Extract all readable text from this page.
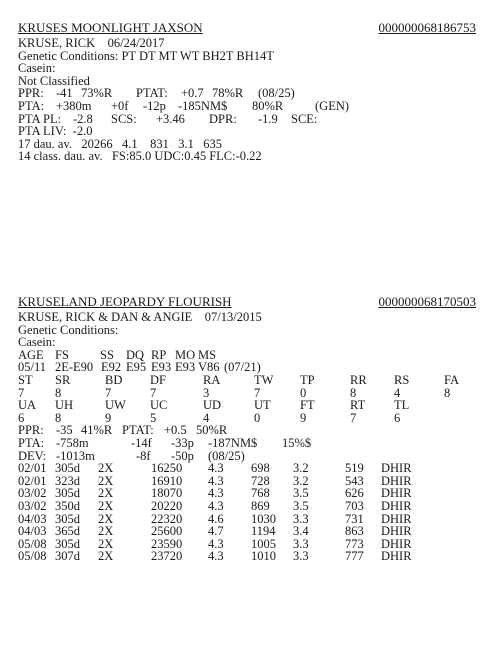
KRUSES MOONLIGHT JAXSON	000000068186753
KRUSE, RICK    06/24/2017
Genetic Conditions: PT DT MT WT BH2T BH14T
Casein:
Not Classified
PPR: -41 73%R PTAT: +0.7 78%R (08/25)
PTA: +380m +0f -12p -185NM$ 80%R	(GEN)
PTA PL: -2.8 SCS: +3.46 DPR: -1.9 SCE:
PTA LIV:  -2.0
17 dau. av.   20266   4.1    831   3.1   635
14 class. dau. av.   FS:85.0 UDC:0.45 FLC:-0.22
KRUSELAND JEOPARDY FLOURISH	000000068170503
KRUSE, RICK & DAN & ANGIE    07/13/2015
Genetic Conditions:
Casein:
AGE FS SS DQ RP MO MS
05/11 2E-E90 E92 E95 E93 E93 V86 (07/21)
ST SR	BD DF	RA	TW TP	RR RS	FA
7 8	7	7	3	7	0	8	4	8
UA UH	UW UC	UD	UT FT	RT TL
6 8	9	5	4	0	9	7	6
PPR: -35 41%R PTAT: +0.5 50%R
PTA: -758m	-14f -33p -187NM$ 15%$
DEV: -1013m	-8f -50p (08/25)
02/01 305d 2X	16250 4.3 698 3.2	519 DHIR
02/01 323d 2X	16910 4.3 728 3.2	543 DHIR
03/02 305d 2X	18070 4.3 768 3.5	626 DHIR
03/02 350d 2X	20220 4.3 869 3.5	703 DHIR
04/03 305d 2X	22320 4.6 1030 3.3	731 DHIR
04/03 365d 2X	25600 4.7 1194 3.4	863 DHIR
05/08 305d 2X	23590 4.3 1005 3.3	773 DHIR
05/08 307d 2X	23720 4.3 1010 3.3	777 DHIR
